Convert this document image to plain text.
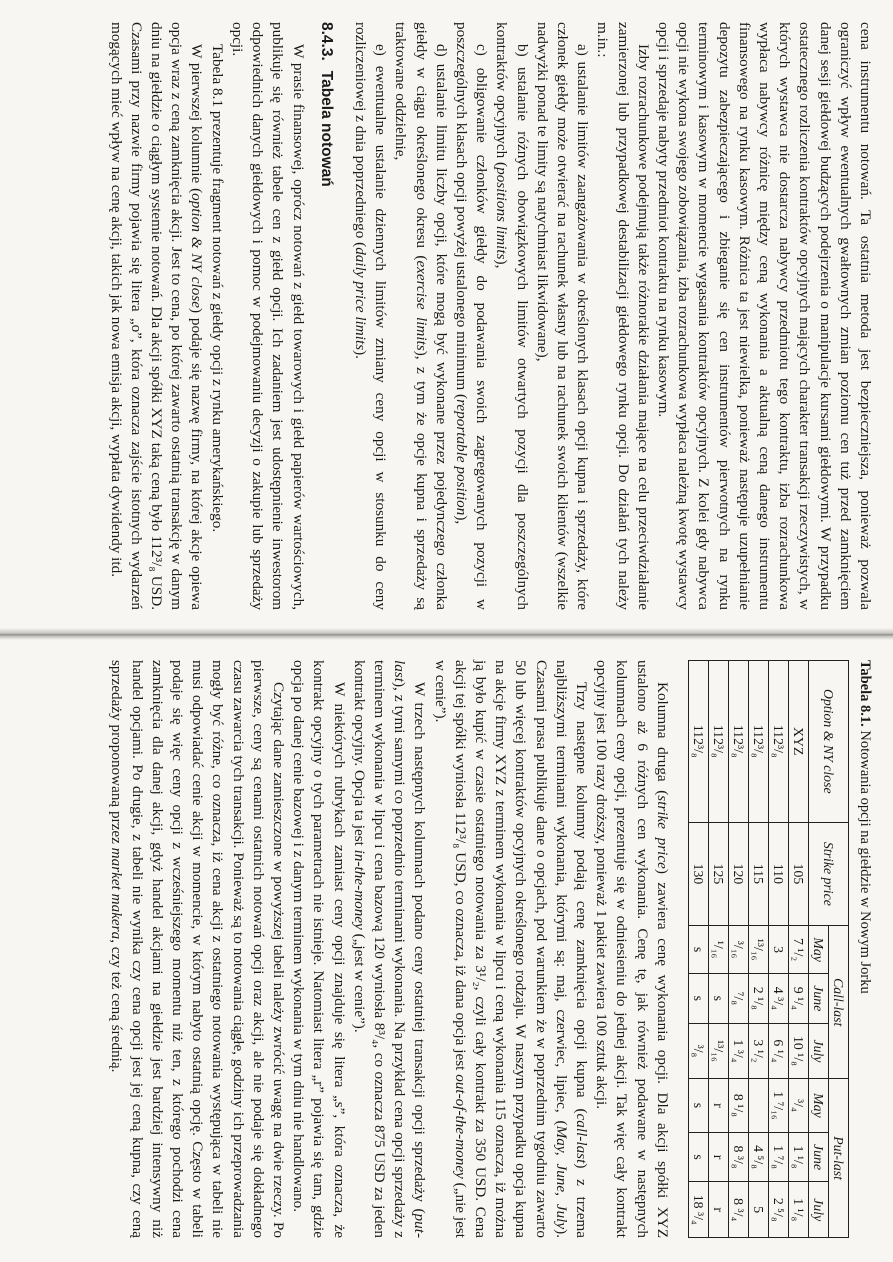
cena instrumentu notowań. Ta ostatnia metoda jest bezpieczniejsza, ponieważ pozwala ograniczyć wpływ ewentualnych gwałtownych zmian poziomu cen tuż przed zamknięciem danej sesji giełdowej budzących podejrzenia o manipulacje kursami giełdowymi. W przypadku ostatecznego rozliczenia kontraktów opcyjnych mających charakter transakcji rzeczywistych, w których wystawca nie dostarcza nabywcy przedmiotu tego kontraktu, izba rozrachunkowa wypłaca nabywcy różnicę między ceną wykonania a aktualną ceną danego instrumentu finansowego na rynku kasowym. Różnica ta jest niewielka, ponieważ następuje uzupełnianie depozytu zabezpieczającego i zbieganie się cen instrumentów pierwotnych na rynku terminowym i kasowym w momencie wygasania kontraktów opcyjnych. Z kolei gdy nabywca opcji nie wykona swojego zobowiązania, izba rozrachunkowa wypłaca należną kwotę wystawcy opcji i sprzedaje nabyty przedmiot kontraktu na rynku kasowym.

Izby rozrachunkowe podejmują także różnorakie działania mające na celu przeciwdziałanie zamierzonej lub przypadkowej destabilizacji giełdowego rynku opcji. Do działań tych należy m.in.:

a) ustalanie limitów zaangażowania w określonych klasach opcji kupna i sprzedaży, które członek giełdy może otwierać na rachunek własny lub na rachunek swoich klientów (wszelkie nadwyżki ponad te limity są natychmiast likwidowane),

b) ustalanie różnych obowiązkowych limitów otwartych pozycji dla poszczególnych kontraktów opcyjnych (positions limits),

c) obligowanie członków giełdy do podawania swoich zagregowanych pozycji w poszczególnych klasach opcji powyżej ustalonego minimum (reportable position),

d) ustalanie limitu liczby opcji, które mogą być wykonane przez pojedynczego członka giełdy w ciągu określonego okresu (exercise limits), z tym że opcje kupna i sprzedaży są traktowane oddzielnie,

e) ewentualne ustalanie dziennych limitów zmiany ceny opcji w stosunku do ceny rozliczeniowej z dnia poprzedniego (daily price limits).

8.4.3.Tabela notowań

W prasie finansowej, oprócz notowań z giełd towarowych i giełd papierów wartościowych, publikuje się również tabele cen z giełd opcji. Ich zadaniem jest udostępnienie inwestorom odpowiednich danych giełdowych i pomoc w podejmowaniu decyzji o zakupie lub sprzedaży opcji.

Tabela 8.1 prezentuje fragment notowań z giełdy opcji z rynku amerykańskiego.

W pierwszej kolumnie (option & NY close) podaje się nazwę firmy, na której akcje opiewa opcja wraz z ceną zamknięcia akcji. Jest to cena, po której zawarto ostatnią transakcję w danym dniu na giełdzie o ciągłym systemie notowań. Dla akcji spółki XYZ taką ceną było 112³/₈ USD. Czasami przy nazwie firmy pojawia się litera „o”, która oznacza zajście istotnych wydarzeń mogących mieć wpływ na cenę akcji, takich jak nowa emisja akcji, wypłata dywidendy itd.

Tabela 8.1. Notowania opcji na giełdzie w Nowym Jorku

Option & NY close	Strike price	Call-last			Put-last		
		May	June	July	May	June	July
XYZ	105	7 ¹/₂	9 ¹/₄	10 ¹/₈	³/₄	1 ¹/₈	1 ¹/₈
112³/₈	110	3	4 ³/₄	6 ¹/₄	1 ⁷/₁₆	1 ⁷/₈	2 ⁵/₈
112³/₈	115	¹³/₁₆	2 ¹/₈	3 ¹/₂		4 ⁵/₈	5
112³/₈	120	³/₁₆	⁷/₈	1 ³/₄	8 ¹/₈	8 ³/₈	8 ³/₄
112³/₈	125	¹/₁₆	s	¹³/₁₆	r	r	r
112³/₈	130	s	s	³/₈	s	s	18 ³/₄

Kolumna druga (strike price) zawiera cenę wykonania opcji. Dla akcji spółki XYZ ustalono aż 6 różnych cen wykonania. Cenę tę, jak również podawane w następnych kolumnach ceny opcji, prezentuje się w odniesieniu do jednej akcji. Tak więc cały kontrakt opcyjny jest 100 razy droższy, ponieważ 1 pakiet zawiera 100 sztuk akcji.

Trzy następne kolumny podają cenę zamknięcia opcji kupna (call-last) z trzema najbliższymi terminami wykonania, którymi są: maj, czerwiec, lipiec, (May, June, July). Czasami prasa publikuje dane o opcjach, pod warunkiem że w poprzednim tygodniu zawarto 50 lub więcej kontraktów opcyjnych określonego rodzaju. W naszym przypadku opcja kupna na akcje firmy XYZ z terminem wykonania w lipcu i ceną wykonania 115 oznacza, iż można ją było kupić w czasie ostatniego notowania za 3¹/₂, czyli cały kontrakt za 350 USD. Cena akcji tej spółki wyniosła 112³/₈ USD, co oznacza, iż dana opcja jest out-of-the-money („nie jest w cenie”).

W trzech następnych kolumnach podano ceny ostatniej transakcji opcji sprzedaży (put-last), z tymi samymi co poprzednio terminami wykonania. Na przykład cena opcji sprzedaży z terminem wykonania w lipcu i cena bazową 120 wyniosła 8³/₄, co oznacza 875 USD za jeden kontrakt opcyjny. Opcja ta jest in-the-money („jest w cenie”).

W niektórych rubrykach zamiast ceny opcji znajduje się litera „s”, która oznacza, że kontrakt opcyjny o tych parametrach nie istnieje. Natomiast litera „r” pojawia się tam, gdzie opcja po danej cenie bazowej i z danym terminem wykonania w tym dniu nie handlowano.

Czytając dane zamieszczone w powyższej tabeli należy zwrócić uwagę na dwie rzeczy. Po pierwsze, ceny są cenami ostatnich notowań opcji oraz akcji, ale nie podaje się dokładnego czasu zawarcia tych transakcji. Ponieważ są to notowania ciągłe, godziny ich przeprowadzania mogły być różne, co oznacza, iż cena akcji z ostatniego notowania występująca w tabeli nie musi odpowiadać cenie akcji w momencie, w którym nabyto ostatnią opcję. Często w tabeli podaje się więc ceny opcji z wcześniejszego momentu niż ten, z którego pochodzi cena zamknięcia dla danej akcji, gdyż handel akcjami na giełdzie jest bardziej intensywny niż handel opcjami. Po drugie, z tabeli nie wynika czy cena opcji jest jej ceną kupna, czy ceną sprzedaży proponowaną przez market makera, czy też ceną średnią.
